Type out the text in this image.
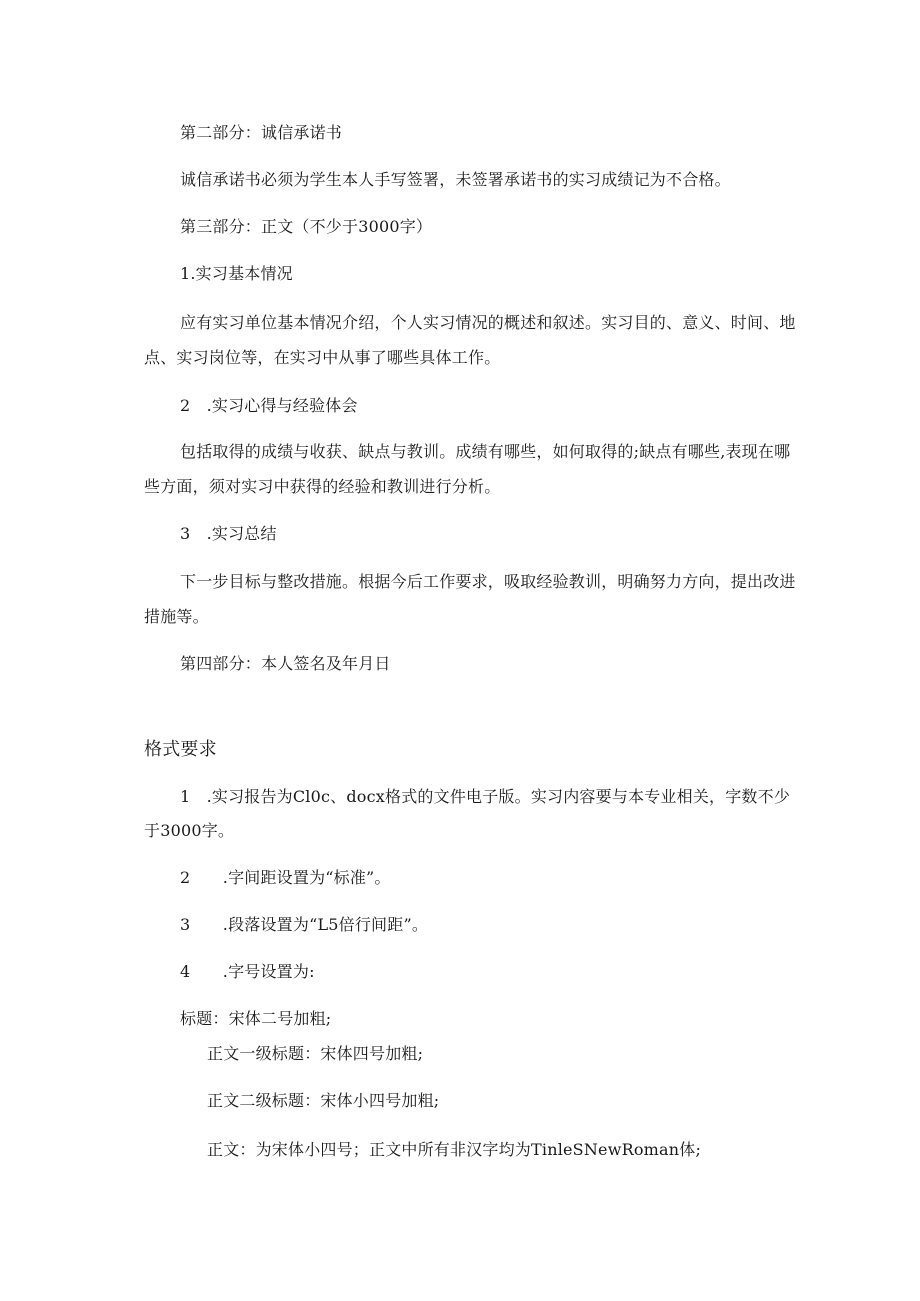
第二部分：诚信承诺书
诚信承诺书必须为学生本人手写签署，未签署承诺书的实习成绩记为不合格。
第三部分：正文（不少于3000字）
1.实习基本情况
应有实习单位基本情况介绍，个人实习情况的概述和叙述。实习目的、意义、时间、地
点、实习岗位等，在实习中从事了哪些具体工作。
2　.实习心得与经验体会
包括取得的成绩与收获、缺点与教训。成绩有哪些，如何取得的;缺点有哪些,表现在哪
些方面，须对实习中获得的经验和教训进行分析。
3　.实习总结
下一步目标与整改措施。根据今后工作要求，吸取经验教训，明确努力方向，提出改进
措施等。
第四部分：本人签名及年月日
格式要求
1　.实习报告为Cl0c、docx格式的文件电子版。实习内容要与本专业相关，字数不少
于3000字。
2　　.字间距设置为“标准”。
3　　.段落设置为“L5倍行间距”。
4　　.字号设置为:
标题：宋体二号加粗;
正文一级标题：宋体四号加粗;
正文二级标题：宋体小四号加粗;
正文：为宋体小四号；正文中所有非汉字均为TinleSNewRoman体;
